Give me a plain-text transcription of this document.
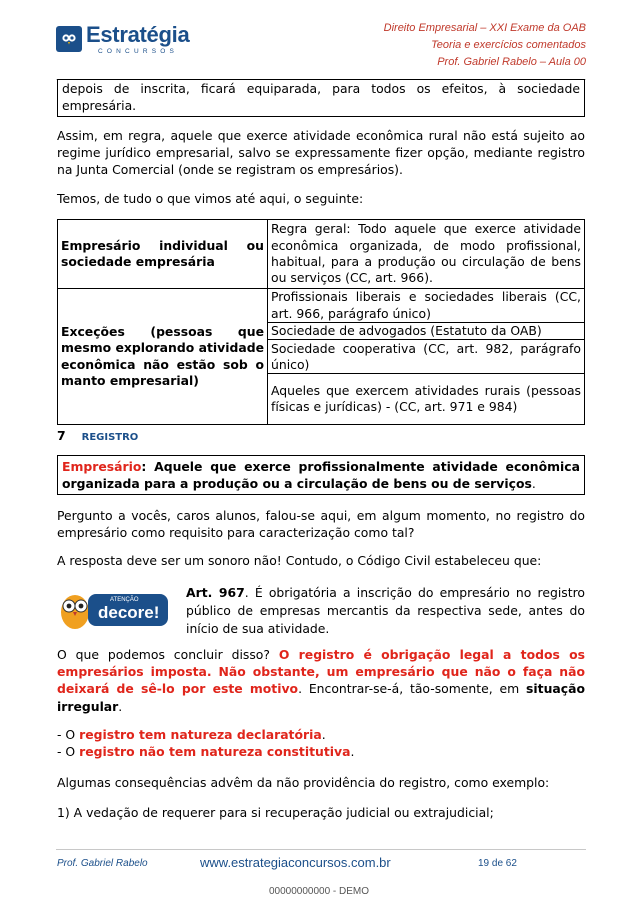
Estratégia
CONCURSOS
Direito Empresarial – XXI Exame da OAB
Teoria e exercícios comentados
Prof. Gabriel Rabelo – Aula 00
depois de inscrita, ficará equiparada, para todos os efeitos, à sociedade empresária.
Assim, em regra, aquele que exerce atividade econômica rural não está sujeito ao regime jurídico empresarial, salvo se expressamente fizer opção, mediante registro na Junta Comercial (onde se registram os empresários).
Temos, de tudo o que vimos até aqui, o seguinte:
Empresário individual ou sociedade empresária	Regra geral: Todo aquele que exerce atividade econômica organizada, de modo profissional, habitual, para a produção ou circulação de bens ou serviços (CC, art. 966).
Exceções (pessoas que mesmo explorando atividade econômica não estão sob o manto empresarial)	Profissionais liberais e sociedades liberais (CC, art. 966, parágrafo único)
	Sociedade de advogados (Estatuto da OAB)
	Sociedade cooperativa (CC, art. 982, parágrafo único)
	Aqueles que exercem atividades rurais (pessoas físicas e jurídicas) - (CC, art. 971 e 984)
7 REGISTRO
Empresário: Aquele que exerce profissionalmente atividade econômica organizada para a produção ou a circulação de bens ou de serviços.
Pergunto a vocês, caros alunos, falou-se aqui, em algum momento, no registro do empresário como requisito para caracterização como tal?
A resposta deve ser um sonoro não! Contudo, o Código Civil estabeleceu que:
ATENÇÃO
decore!
Art. 967. É obrigatória a inscrição do empresário no registro público de empresas mercantis da respectiva sede, antes do início de sua atividade.
O que podemos concluir disso? O registro é obrigação legal a todos os empresários imposta. Não obstante, um empresário que não o faça não deixará de sê-lo por este motivo. Encontrar-se-á, tão-somente, em situação irregular.
- O registro tem natureza declaratória.
- O registro não tem natureza constitutiva.
Algumas consequências advêm da não providência do registro, como exemplo:
1) A vedação de requerer para si recuperação judicial ou extrajudicial;
Prof. Gabriel Rabelo	www.estrategiaconcursos.com.br	19 de 62
00000000000 - DEMO
